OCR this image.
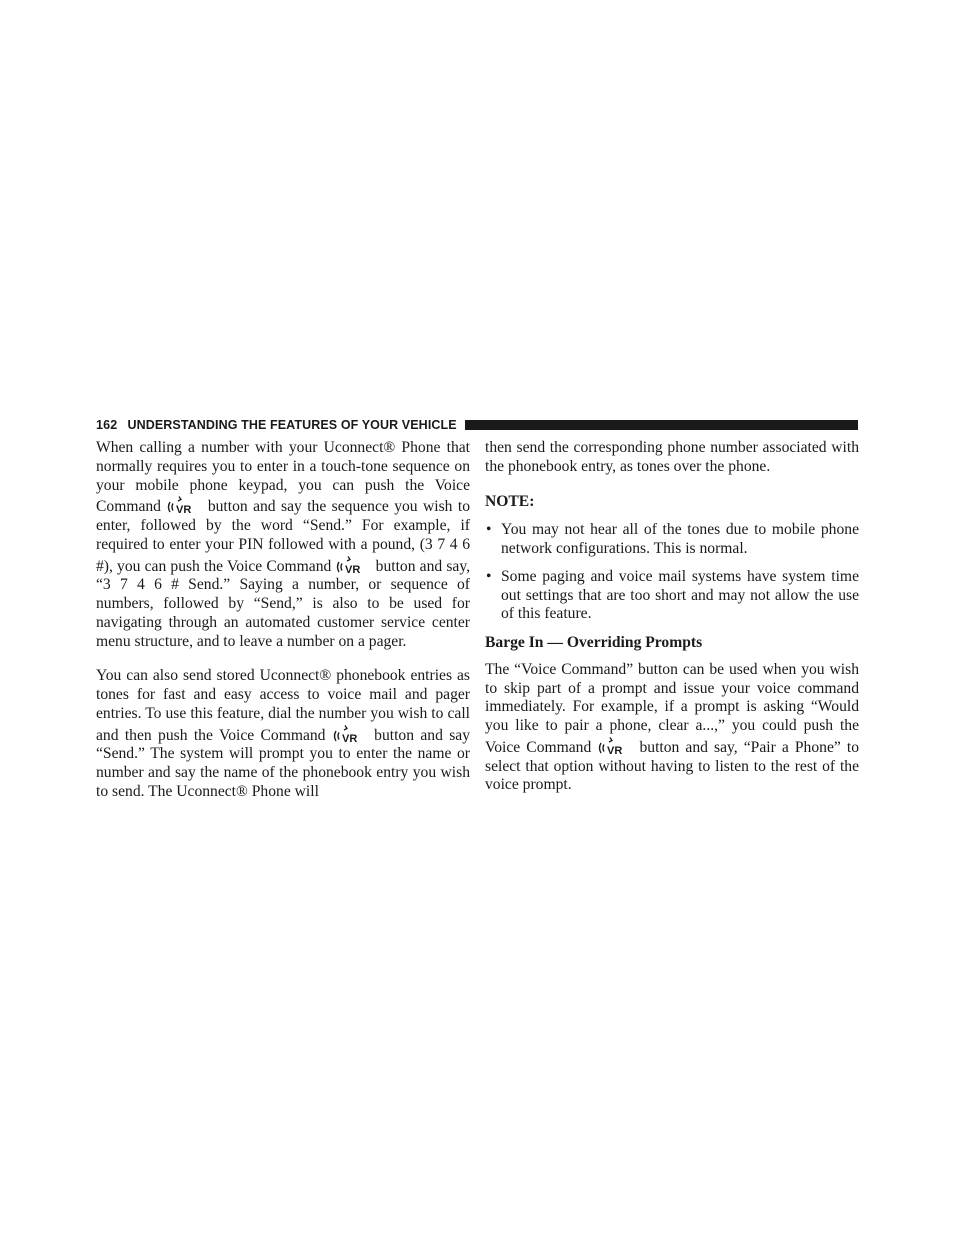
162 UNDERSTANDING THE FEATURES OF YOUR VEHICLE

When calling a number with your Uconnect® Phone that normally requires you to enter in a touch-tone sequence on your mobile phone keypad, you can push the Voice Command VR button and say the sequence you wish to enter, followed by the word “Send.” For example, if required to enter your PIN followed with a pound, (3 7 4 6 #), you can push the Voice Command VR button and say, “3 7 4 6 # Send.” Saying a number, or sequence of numbers, followed by “Send,” is also to be used for navigating through an automated customer service center menu structure, and to leave a number on a pager.

You can also send stored Uconnect® phonebook entries as tones for fast and easy access to voice mail and pager entries. To use this feature, dial the number you wish to call and then push the Voice Command VR button and say “Send.” The system will prompt you to enter the name or number and say the name of the phonebook entry you wish to send. The Uconnect® Phone will

then send the corresponding phone number associated with the phonebook entry, as tones over the phone.

NOTE:
• You may not hear all of the tones due to mobile phone network configurations. This is normal.
• Some paging and voice mail systems have system time out settings that are too short and may not allow the use of this feature.
Barge In — Overriding Prompts

The “Voice Command” button can be used when you wish to skip part of a prompt and issue your voice command immediately. For example, if a prompt is asking “Would you like to pair a phone, clear a...,” you could push the Voice Command VR button and say, “Pair a Phone” to select that option without having to listen to the rest of the voice prompt.
